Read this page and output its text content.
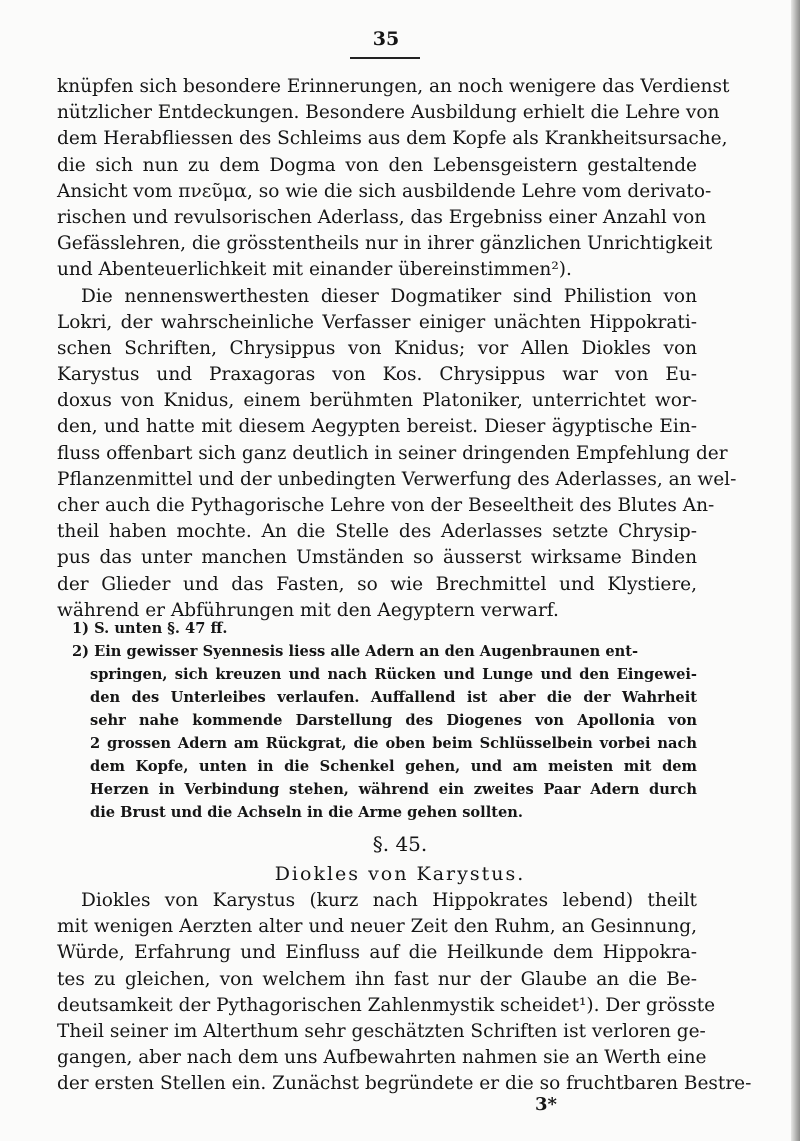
35
knüpfen sich besondere Erinnerungen, an noch wenigere das Verdienst
nützlicher Entdeckungen. Besondere Ausbildung erhielt die Lehre von
dem Herabfliessen des Schleims aus dem Kopfe als Krankheitsursache,
die sich nun zu dem Dogma von den Lebensgeistern gestaltende
Ansicht vom πνεῦμα, so wie die sich ausbildende Lehre vom derivato-
rischen und revulsorischen Aderlass, das Ergebniss einer Anzahl von
Gefässlehren, die grösstentheils nur in ihrer gänzlichen Unrichtigkeit
und Abenteuerlichkeit mit einander übereinstimmen²).
Die nennenswerthesten dieser Dogmatiker sind Philistion von
Lokri, der wahrscheinliche Verfasser einiger unächten Hippokrati-
schen Schriften, Chrysippus von Knidus; vor Allen Diokles von
Karystus und Praxagoras von Kos. Chrysippus war von Eu-
doxus von Knidus, einem berühmten Platoniker, unterrichtet wor-
den, und hatte mit diesem Aegypten bereist. Dieser ägyptische Ein-
fluss offenbart sich ganz deutlich in seiner dringenden Empfehlung der
Pflanzenmittel und der unbedingten Verwerfung des Aderlasses, an wel-
cher auch die Pythagorische Lehre von der Beseeltheit des Blutes An-
theil haben mochte. An die Stelle des Aderlasses setzte Chrysip-
pus das unter manchen Umständen so äusserst wirksame Binden
der Glieder und das Fasten, so wie Brechmittel und Klystiere,
während er Abführungen mit den Aegyptern verwarf.
1) S. unten §. 47 ff.
2) Ein gewisser Syennesis liess alle Adern an den Augenbraunen ent-
springen, sich kreuzen und nach Rücken und Lunge und den Eingewei-
den des Unterleibes verlaufen. Auffallend ist aber die der Wahrheit
sehr nahe kommende Darstellung des Diogenes von Apollonia von
2 grossen Adern am Rückgrat, die oben beim Schlüsselbein vorbei nach
dem Kopfe, unten in die Schenkel gehen, und am meisten mit dem
Herzen in Verbindung stehen, während ein zweites Paar Adern durch
die Brust und die Achseln in die Arme gehen sollten.
§. 45.
Diokles von Karystus.
Diokles von Karystus (kurz nach Hippokrates lebend) theilt
mit wenigen Aerzten alter und neuer Zeit den Ruhm, an Gesinnung,
Würde, Erfahrung und Einfluss auf die Heilkunde dem Hippokra-
tes zu gleichen, von welchem ihn fast nur der Glaube an die Be-
deutsamkeit der Pythagorischen Zahlenmystik scheidet¹). Der grösste
Theil seiner im Alterthum sehr geschätzten Schriften ist verloren ge-
gangen, aber nach dem uns Aufbewahrten nahmen sie an Werth eine
der ersten Stellen ein. Zunächst begründete er die so fruchtbaren Bestre-
3*
